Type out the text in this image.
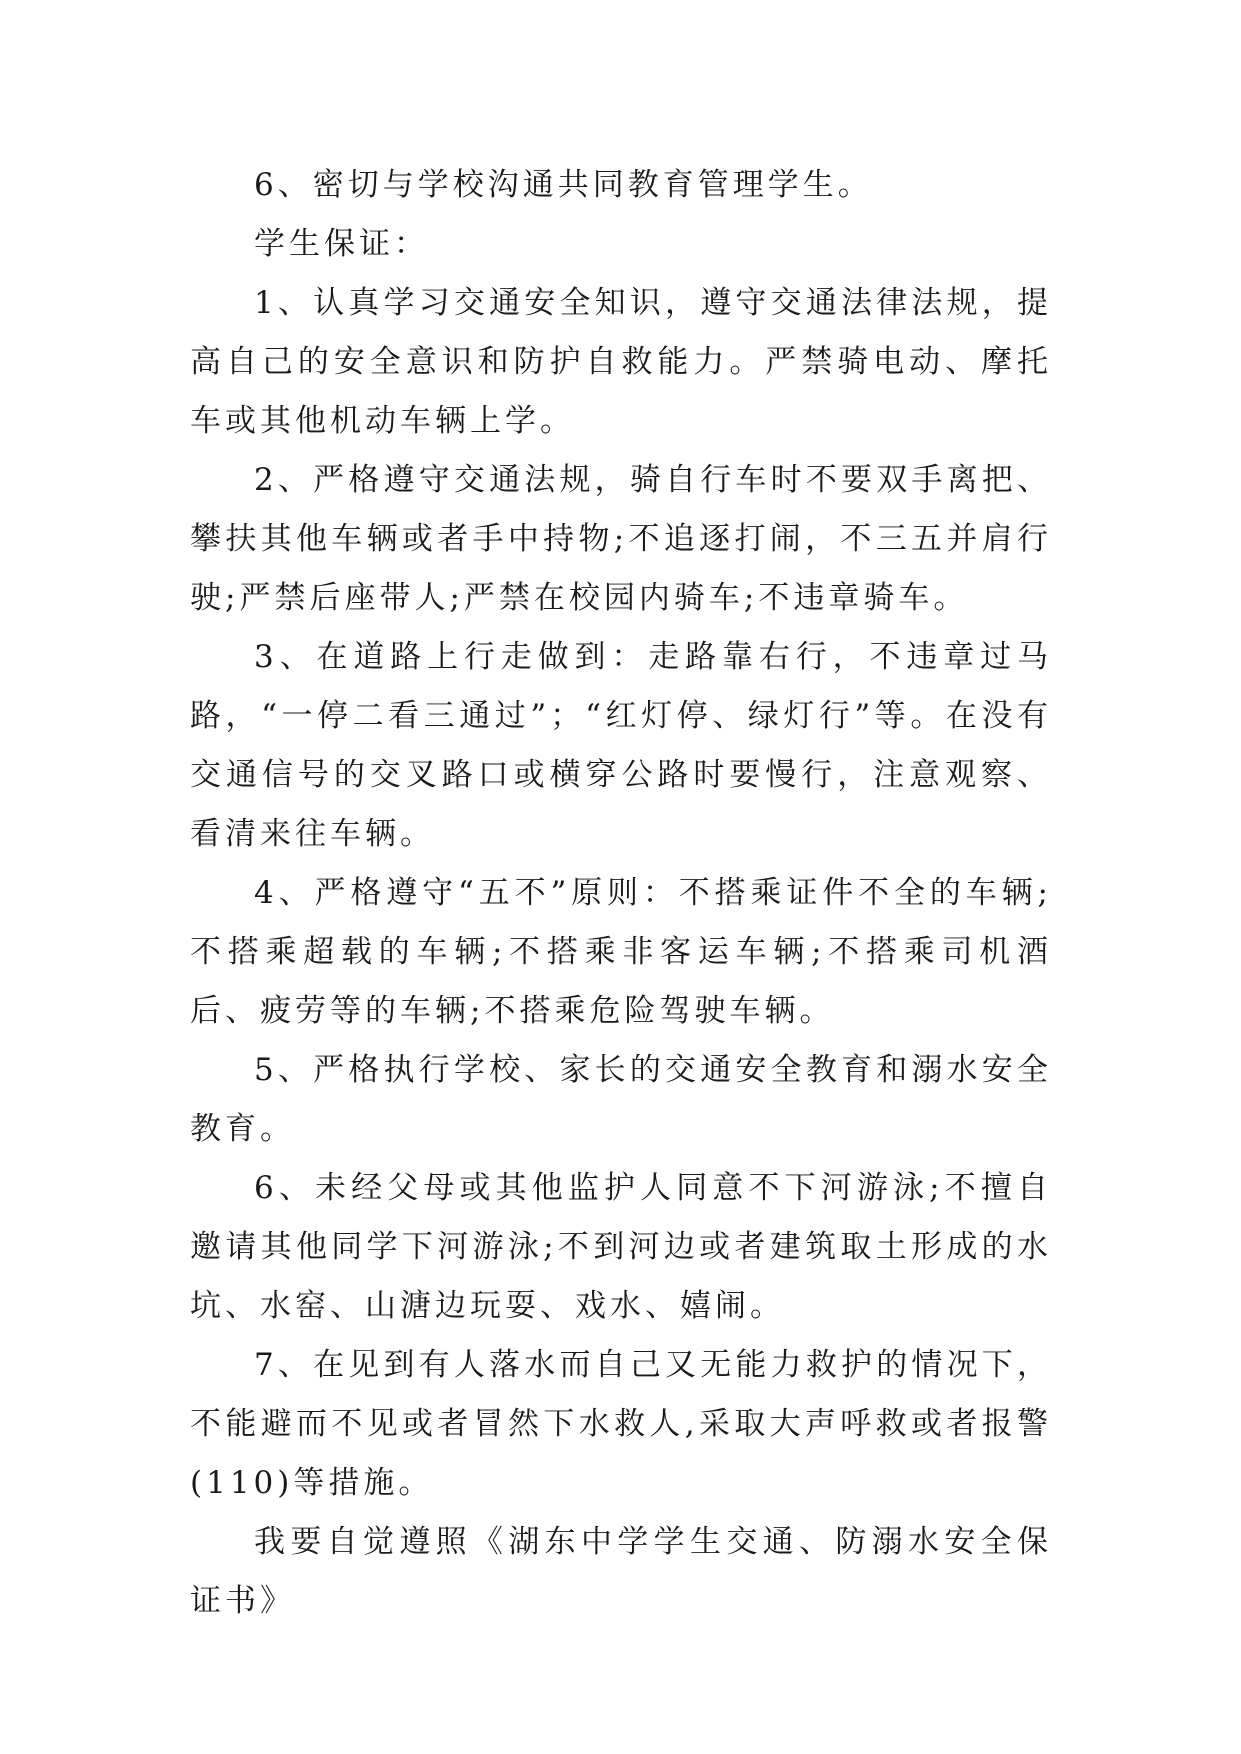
6、密切与学校沟通共同教育管理学生。

学生保证：

1、认真学习交通安全知识，遵守交通法律法规，提高自己的安全意识和防护自救能力。严禁骑电动、摩托车或其他机动车辆上学。

2、严格遵守交通法规，骑自行车时不要双手离把、攀扶其他车辆或者手中持物;不追逐打闹，不三五并肩行驶;严禁后座带人;严禁在校园内骑车;不违章骑车。

3、在道路上行走做到：走路靠右行，不违章过马路，“一停二看三通过”；“红灯停、绿灯行”等。在没有交通信号的交叉路口或横穿公路时要慢行，注意观察、看清来往车辆。

4、严格遵守“五不”原则：不搭乘证件不全的车辆;不搭乘超载的车辆;不搭乘非客运车辆;不搭乘司机酒后、疲劳等的车辆;不搭乘危险驾驶车辆。

5、严格执行学校、家长的交通安全教育和溺水安全教育。

6、未经父母或其他监护人同意不下河游泳;不擅自邀请其他同学下河游泳;不到河边或者建筑取土形成的水坑、水窑、山溏边玩耍、戏水、嬉闹。

7、在见到有人落水而自己又无能力救护的情况下，不能避而不见或者冒然下水救人,采取大声呼救或者报警(110)等措施。

我要自觉遵照《湖东中学学生交通、防溺水安全保证书》
